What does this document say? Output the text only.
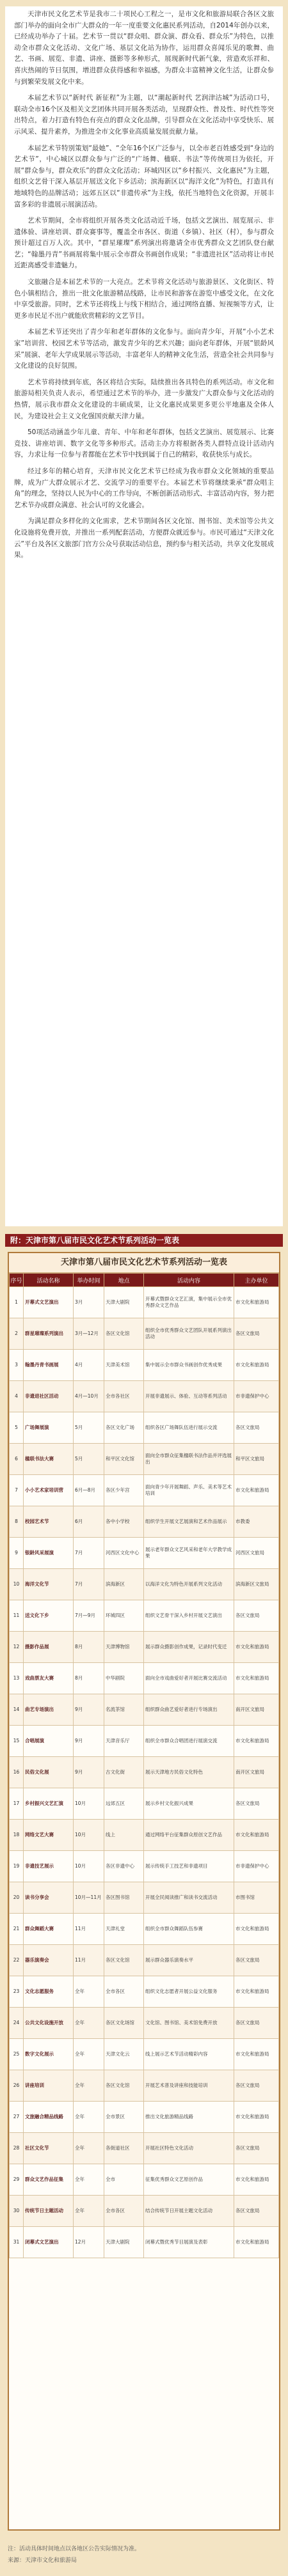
天津市民文化艺术节是我市二十项民心工程之一，是市文化和旅游局联合各区文旅部门举办的面向全市广大群众的一年一度重要文化惠民系列活动，自2014年创办以来，已经成功举办了十届。艺术节一贯以“群众唱、群众演、群众看、群众乐”为特色，以推动全市群众文化活动、文化广场、基层文化站为协作，运用群众喜闻乐见的歌舞、曲艺、书画、展览、非遗、讲座、摄影等多种形式，展现新时代新气象，营造欢乐祥和、喜庆热闹的节日氛围，增进群众获得感和幸福感，为群众丰富精神文化生活，让群众参与到繁荣发展文化中来。

本届艺术节以“新时代 新征程”为主题，以“潮起新时代 艺润津沽城”为活动口号，联动全市16个区及相关文艺团体共同开展各类活动，呈现群众性、普及性、时代性等突出特点，着力打造有特色有亮点的群众文化品牌，引导群众在文化活动中享受快乐、展示风采、提升素养，为推进全市文化事业高质量发展贡献力量。

本届艺术节特别策划“最她”、“全年16个区广泛参与，以全市老百姓感受到“身边的艺术节”，中心城区以群众参与广泛的“广场舞、楹联、书法”等传统项目为依托，开展“群众参与，群众欢乐”的群众文化活动；环城四区以“乡村振兴、文化惠民”为主题，组织文艺骨干深入基层开展送文化下乡活动；滨海新区以“海洋文化”为特色，打造具有地域特色的品牌活动；远郊五区以“非遗传承”为主线，依托当地特色文化资源，开展丰富多彩的非遗展示展演活动。

艺术节期间，全市将组织开展各类文化活动近千场，包括文艺演出、展览展示、非遗体验、讲座培训、群众赛事等，覆盖全市各区、街道（乡镇）、社区（村），参与群众预计超过百万人次。其中，“群星璀璨”系列演出将邀请全市优秀群众文艺团队登台献艺；“翰墨丹青”书画展将集中展示全市群众书画创作成果；“非遗进社区”活动将让市民近距离感受非遗魅力。

文旅融合是本届艺术节的一大亮点。艺术节将文化活动与旅游景区、文化街区、特色小镇相结合，推出一批文化旅游精品线路，让市民和游客在游览中感受文化，在文化中享受旅游。同时，艺术节还将线上与线下相结合，通过网络直播、短视频等方式，让更多市民足不出户就能欣赏精彩的文艺节目。

本届艺术节还突出了青少年和老年群体的文化参与。面向青少年，开展“小小艺术家”培训营、校园艺术节等活动，激发青少年的艺术兴趣；面向老年群体，开展“银龄风采”展演、老年大学成果展示等活动，丰富老年人的精神文化生活，营造全社会共同参与文化建设的良好氛围。

艺术节将持续到年底，各区将结合实际，陆续推出各具特色的系列活动。市文化和旅游局相关负责人表示，希望通过艺术节的举办，进一步激发广大群众参与文化活动的热情，展示我市群众文化建设的丰硕成果，让文化惠民成果更多更公平地惠及全体人民，为建设社会主义文化强国贡献天津力量。

50项活动涵盖少年儿童、青年、中年和老年群体，包括文艺演出、展览展示、比赛竞技、讲座培训、数字文化等多种形式。活动主办方将根据各类人群特点设计活动内容，力求让每一位参与者都能在艺术节中找到属于自己的精彩，收获快乐与成长。

经过多年的精心培育，天津市民文化艺术节已经成为我市群众文化领域的重要品牌，成为广大群众展示才艺、交流学习的重要平台。本届艺术节将继续秉承“群众唱主角”的理念，坚持以人民为中心的工作导向，不断创新活动形式、丰富活动内容，努力把艺术节办成群众满意、社会认可的文化盛会。

为满足群众多样化的文化需求，艺术节期间各区文化馆、图书馆、美术馆等公共文化设施将免费开放，并推出一系列配套活动，方便群众就近参与。市民可通过“天津文化云”平台及各区文旅部门官方公众号获取活动信息，预约参与相关活动，共享文化发展成果。

附：天津市第八届市民文化艺术节系列活动一览表
天津市第八届市民文化艺术节系列活动一览表
序号	活动名称	举办时间	地点	活动内容	主办单位
1	开幕式文艺演出	3月	天津大剧院	开幕式暨群众文艺汇演，集中展示全市优秀群众文艺作品	市文化和旅游局
2	群星璀璨系列演出	3月—12月	各区文化馆	组织全市优秀群众文艺团队开展系列演出活动	各区文旅局
3	翰墨丹青书画展	4月	天津美术馆	集中展示全市群众书画创作优秀成果	市文化和旅游局
4	非遗进社区活动	4月—10月	全市各社区	开展非遗展示、体验、互动等系列活动	市非遗保护中心
5	广场舞展演	5月	各区文化广场	组织各区广场舞队伍进行展示交流	各区文旅局
6	楹联书法大赛	5月	和平区文化馆	面向全市群众征集楹联书法作品并评选展出	和平区文旅局
7	小小艺术家培训营	6月—8月	各区少年宫	面向青少年开展舞蹈、声乐、美术等艺术培训	市文化和旅游局
8	校园艺术节	6月	各中小学校	组织学生开展文艺展演和艺术作品展示	市教委
9	银龄风采展演	7月	河西区文化中心	展示老年群众文艺风采和老年大学教学成果	河西区文旅局
10	海洋文化节	7月	滨海新区	以海洋文化为特色开展系列文化活动	滨海新区文旅局
11	送文化下乡	7月—9月	环城四区	组织文艺骨干深入乡村开展文艺演出	各区文旅局
12	摄影作品展	8月	天津博物馆	展示群众摄影创作成果，记录时代变迁	市文化和旅游局
13	戏曲票友大赛	8月	中华剧院	面向全市戏曲爱好者开展比赛交流活动	市文化和旅游局
14	曲艺专场演出	9月	名流茶馆	组织群众曲艺爱好者进行专场演出	南开区文旅局
15	合唱展演	9月	天津音乐厅	组织全市群众合唱团进行展演交流	市文化和旅游局
16	民俗文化展	9月	古文化街	展示天津地方民俗文化特色	南开区文旅局
17	乡村振兴文艺汇演	10月	远郊五区	展示乡村文化振兴成果	各区文旅局
18	网络文艺大赛	10月	线上	通过网络平台征集群众原创文艺作品	市文化和旅游局
19	非遗技艺展示	10月	各区非遗中心	展示传统手工技艺和非遗项目	市非遗保护中心
20	读书分享会	10月—11月	各区图书馆	开展全民阅读推广和读书交流活动	市图书馆
21	群众舞蹈大赛	11月	天津礼堂	组织全市群众舞蹈队伍参赛	市文化和旅游局
22	器乐演奏会	11月	各区文化馆	展示群众器乐演奏水平	各区文旅局
23	文化志愿服务	全年	全市各区	组织文化志愿者开展公益文化服务	市文化和旅游局
24	公共文化设施开放	全年	各区文化场馆	文化馆、图书馆、美术馆免费开放	各区文旅局
25	数字文化展示	全年	天津文化云	线上展示艺术节活动精彩内容	市文化和旅游局
26	讲座培训	全年	各区文化馆	开展艺术普及讲座和技能培训	各区文旅局
27	文旅融合精品线路	全年	全市景区	推出文化旅游精品线路	市文化和旅游局
28	社区文化节	全年	各街道社区	开展社区特色文化活动	各区文旅局
29	群众文艺作品征集	全年	全市	征集优秀群众文艺原创作品	市文化和旅游局
30	传统节日主题活动	全年	全市各区	结合传统节日开展主题文化活动	各区文旅局
31	闭幕式文艺演出	12月	天津大剧院	闭幕式暨优秀节目展演及表彰	市文化和旅游局
注：活动具体时间地点以各地区公告实际情况为准。
来源：天津市文化和旅游局
